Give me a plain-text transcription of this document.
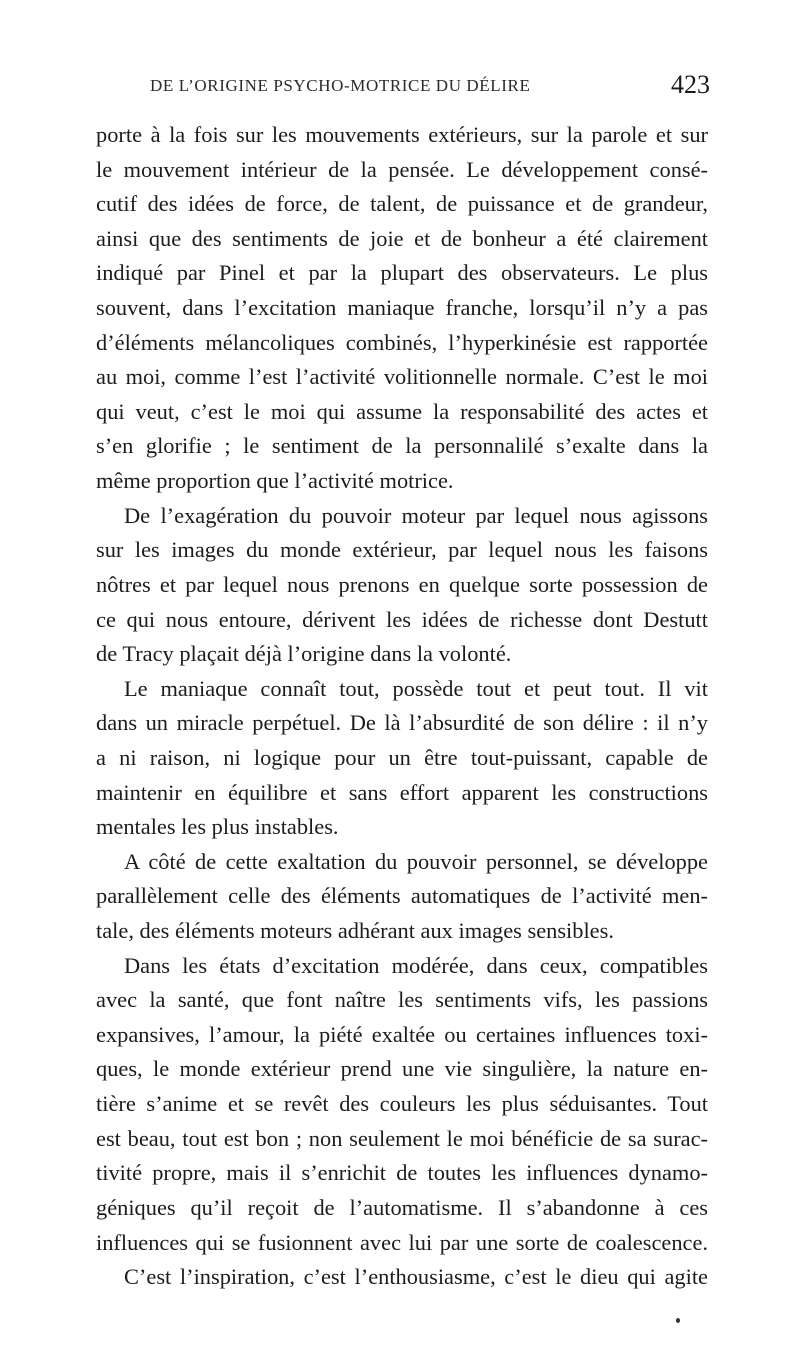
DE L’ORIGINE PSYCHO-MOTRICE DU DÉLIRE	423
porte à la fois sur les mouvements extérieurs, sur la parole et sur
le mouvement intérieur de la pensée. Le développement consé-
cutif des idées de force, de talent, de puissance et de grandeur,
ainsi que des sentiments de joie et de bonheur a été clairement
indiqué par Pinel et par la plupart des observateurs. Le plus
souvent, dans l’excitation maniaque franche, lorsqu’il n’y a pas
d’éléments mélancoliques combinés, l’hyperkinésie est rapportée
au moi, comme l’est l’activité volitionnelle normale. C’est le moi
qui veut, c’est le moi qui assume la responsabilité des actes et
s’en glorifie ; le sentiment de la personnalilé s’exalte dans la
même proportion que l’activité motrice.
De l’exagération du pouvoir moteur par lequel nous agissons
sur les images du monde extérieur, par lequel nous les faisons
nôtres et par lequel nous prenons en quelque sorte possession de
ce qui nous entoure, dérivent les idées de richesse dont Destutt
de Tracy plaçait déjà l’origine dans la volonté.
Le maniaque connaît tout, possède tout et peut tout. Il vit
dans un miracle perpétuel. De là l’absurdité de son délire : il n’y
a ni raison, ni logique pour un être tout-puissant, capable de
maintenir en équilibre et sans effort apparent les constructions
mentales les plus instables.
A côté de cette exaltation du pouvoir personnel, se développe
parallèlement celle des éléments automatiques de l’activité men-
tale, des éléments moteurs adhérant aux images sensibles.
Dans les états d’excitation modérée, dans ceux, compatibles
avec la santé, que font naître les sentiments vifs, les passions
expansives, l’amour, la piété exaltée ou certaines influences toxi-
ques, le monde extérieur prend une vie singulière, la nature en-
tière s’anime et se revêt des couleurs les plus séduisantes. Tout
est beau, tout est bon ; non seulement le moi bénéficie de sa surac-
tivité propre, mais il s’enrichit de toutes les influences dynamo-
géniques qu’il reçoit de l’automatisme. Il s’abandonne à ces
influences qui se fusionnent avec lui par une sorte de coalescence.
C’est l’inspiration, c’est l’enthousiasme, c’est le dieu qui agite
